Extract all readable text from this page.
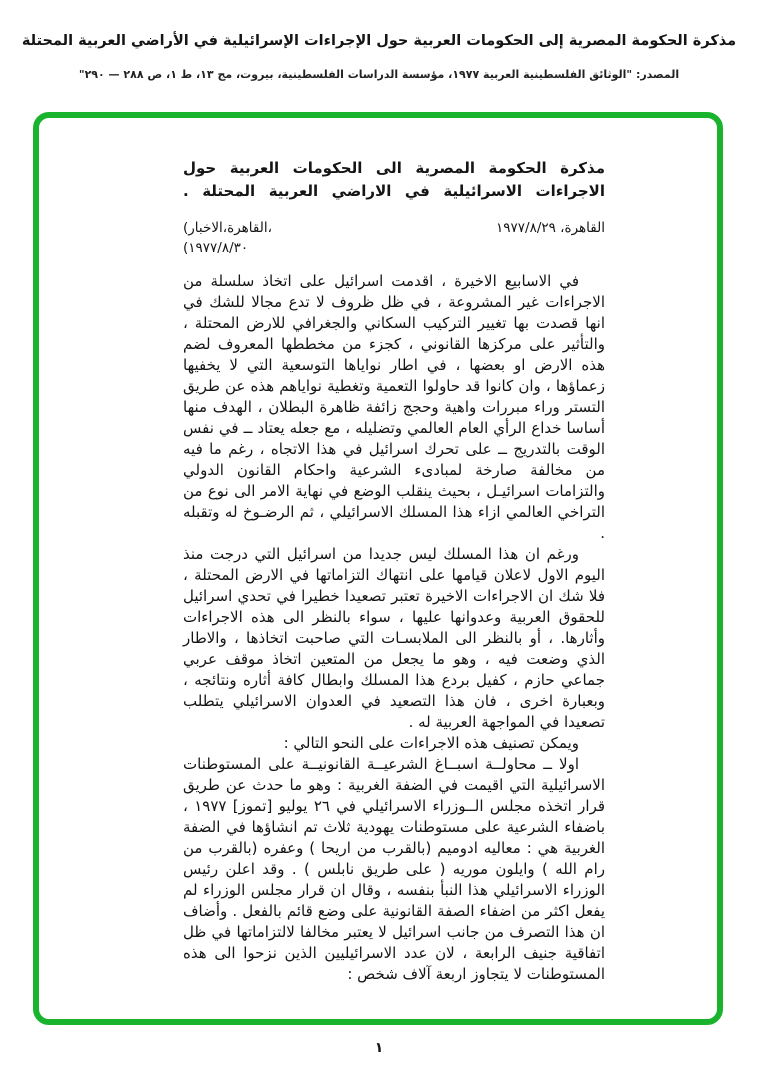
مذكرة الحكومة المصرية إلى الحكومات العربية حول الإجراءات الإسرائيلية في الأراضي العربية المحتلة
المصدر: "الوثائق الفلسطينية العربية ١٩٧٧، مؤسسة الدراسات الفلسطينية، بيروت، مج ١٣، ط ١، ص ٢٨٨ — ٢٩٠"
مذكرة الحكومة المصرية الى الحكومات العربية حول
الاجراءات الاسرائيلية في الاراضي العربية المحتلة .
القاهرة، ١٩٧٧/٨/٢٩
(‎الاخبار‎،‎القاهرة‎،
(١٩٧٧/٨/٣٠

في الاسابيع الاخيرة ، اقدمت اسرائيل على اتخاذ سلسلة من الاجراءات غير المشروعة ، في ظل ظروف لا تدع مجالا للشك في انها قصدت بها تغيير التركيب السكاني والجغرافي للارض المحتلة ، والتأثير على مركزها القانوني ، كجزء من مخططها المعروف لضم هذه الارض او بعضها ، في اطار نواياها التوسعية التي لا يخفيها زعماؤها ، وان كانوا قد حاولوا التعمية وتغطية نواياهم هذه عن طريق التستر وراء مبررات واهية وحجج زائفة ظاهرة البطلان ، الهدف منها أساسا خداع الرأي العام العالمي وتضليله ، مع جعله يعتاد ــ في نفس الوقت بالتدريج ــ على تحرك اسرائيل في هذا الاتجاه ، رغم ما فيه من مخالفة صارخة لمبادىء الشرعية واحكام القانون الدولي والتزامات اسرائيـل ، بحيث ينقلب الوضع في نهاية الامر الى نوع من التراخي العالمي ازاء هذا المسلك الاسرائيلي ، ثم الرضـوخ له وتقبله .

ورغم ان هذا المسلك ليس جديدا من اسرائيل التي درجت منذ اليوم الاول لاعلان قيامها على انتهاك التزاماتها في الارض المحتلة ، فلا شك ان الاجراءات الاخيرة تعتبر تصعيدا خطيرا في تحدي اسرائيل للحقوق العربية وعدوانها عليها ، سواء بالنظر الى هذه الاجراءات وأثارها. ، أو بالنظر الى الملابسـات التي صاحبت اتخاذها ، والاطار الذي وضعت فيه ، وهو ما يجعل من المتعين اتخاذ موقف عربي جماعي حازم ، كفيل بردع هذا المسلك وابطال كافة أثاره ونتائجه ، وبعبارة اخرى ، فان هذا التصعيد في العدوان الاسرائيلي يتطلب تصعيدا في المواجهة العربية له .

ويمكن تصنيف هذه الاجراءات على النحو التالي :

اولا ــ محاولــة اسبــاغ الشرعيــة القانونيــة على المستوطنات الاسرائيلية التي اقيمت في الضفة الغربية : وهو ما حدث عن طريق قرار اتخذه مجلس الــوزراء الاسرائيلي في ٢٦ يوليو [تموز] ١٩٧٧ ، باضفاء الشرعية على مستوطنات يهودية ثلاث تم انشاؤها في الضفة الغربية هي : معاليه ادوميم (بالقرب من اريحا ) وعفره (بالقرب من رام الله ) وايلون موريه ( على طريق نابلس ) . وقد اعلن رئيس الوزراء الاسرائيلي هذا النبأ بنفسه ، وقال ان قرار مجلس الوزراء لم يفعل اكثر من اضفاء الصفة القانونية على وضع قائم بالفعل . وأضاف ان هذا التصرف من جانب اسرائيل لا يعتبر مخالفا لالتزاماتها في ظل اتفاقية جنيف الرابعة ، لان عدد الاسرائيليين الذين نزحوا الى هذه المستوطنات لا يتجاوز اربعة آلاف شخص :

١
